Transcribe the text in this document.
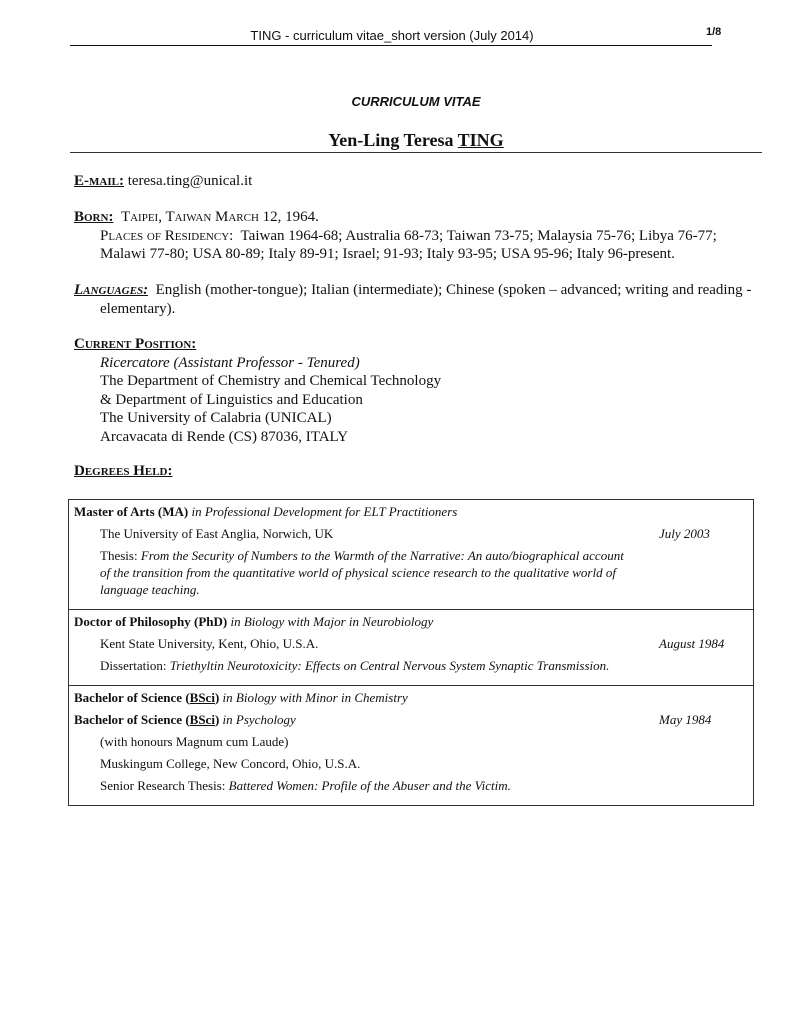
TING - curriculum vitae_short version (July 2014)	1/8
CURRICULUM VITAE
Yen-Ling Teresa TING
E-mail: teresa.ting@unical.it
Born: Taipei, Taiwan March 12, 1964.
Places of Residency: Taiwan 1964-68; Australia 68-73; Taiwan 73-75; Malaysia 75-76; Libya 76-77; Malawi 77-80; USA 80-89; Italy 89-91; Israel; 91-93; Italy 93-95; USA 95-96; Italy 96-present.
Languages: English (mother-tongue); Italian (intermediate); Chinese (spoken – advanced; writing and reading - elementary).
Current Position:
Ricercatore (Assistant Professor - Tenured)
The Department of Chemistry and Chemical Technology
& Department of Linguistics and Education
The University of Calabria (UNICAL)
Arcavacata di Rende (CS) 87036, ITALY
Degrees Held:
Master of Arts (MA) in Professional Development for ELT Practitioners
The University of East Anglia, Norwich, UK	July 2003
Thesis: From the Security of Numbers to the Warmth of the Narrative: An auto/biographical account of the transition from the quantitative world of physical science research to the qualitative world of language teaching.

Doctor of Philosophy (PhD) in Biology with Major in Neurobiology
Kent State University, Kent, Ohio, U.S.A.	August 1984
Dissertation: Triethyltin Neurotoxicity: Effects on Central Nervous System Synaptic Transmission.

Bachelor of Science (BSci) in Biology with Minor in Chemistry
Bachelor of Science (BSci) in Psychology	May 1984
(with honours Magnum cum Laude)
Muskingum College, New Concord, Ohio, U.S.A.
Senior Research Thesis: Battered Women: Profile of the Abuser and the Victim.
